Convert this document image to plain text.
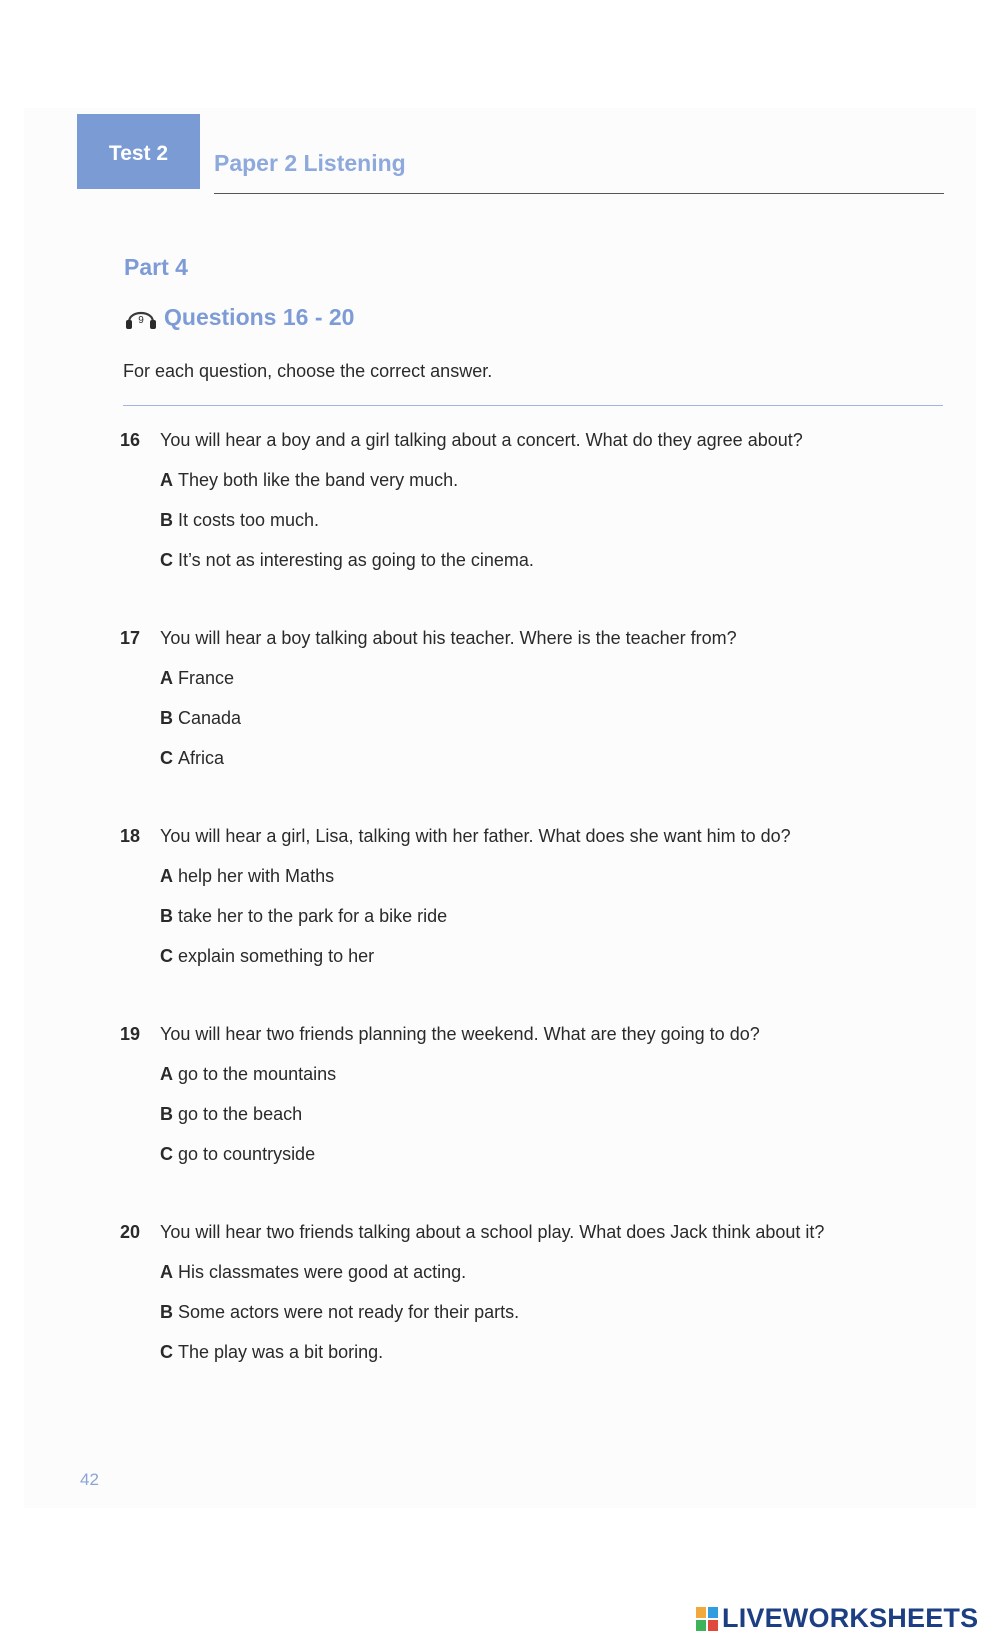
Test 2 Paper 2 Listening
Part 4
9 Questions 16 - 20
For each question, choose the correct answer.
16	You will hear a boy and a girl talking about a concert. What do they agree about?
A They both like the band very much.
B It costs too much.
C It’s not as interesting as going to the cinema.
17	You will hear a boy talking about his teacher. Where is the teacher from?
A France
B Canada
C Africa
18	You will hear a girl, Lisa, talking with her father. What does she want him to do?
A help her with Maths
B take her to the park for a bike ride
C explain something to her
19	You will hear two friends planning the weekend. What are they going to do?
A go to the mountains
B go to the beach
C go to countryside
20	You will hear two friends talking about a school play. What does Jack think about it?
A His classmates were good at acting.
B Some actors were not ready for their parts.
C The play was a bit boring.
42
LIVEWORKSHEETS
